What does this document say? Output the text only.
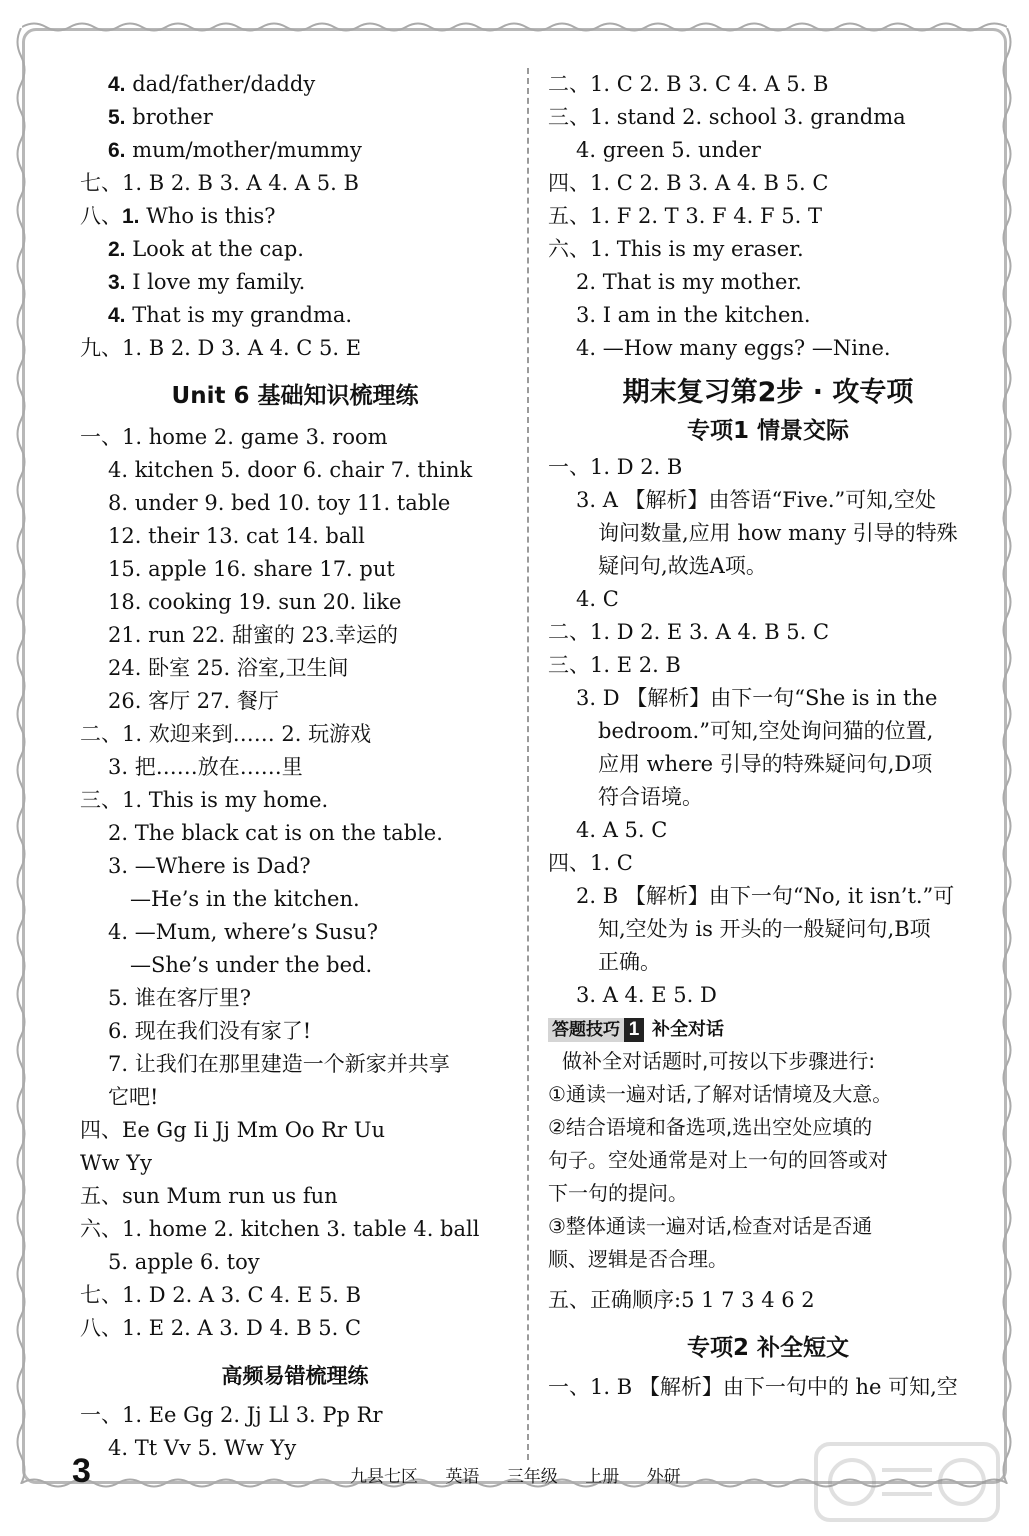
4. dad/father/daddy
5. brother
6. mum/mother/mummy
七、1. B 2. B 3. A 4. A 5. B
八、1. Who is this?
2. Look at the cap.
3. I love my family.
4. That is my grandma.
九、1. B 2. D 3. A 4. C 5. E
Unit 6 基础知识梳理练
一、1. home 2. game 3. room
4. kitchen 5. door 6. chair 7. think
8. under 9. bed 10. toy 11. table
12. their 13. cat 14. ball
15. apple 16. share 17. put
18. cooking 19. sun 20. like
21. run 22. 甜蜜的 23.幸运的
24. 卧室 25. 浴室,卫生间
26. 客厅 27. 餐厅
二、1. 欢迎来到…… 2. 玩游戏
3. 把……放在……里
三、1. This is my home.
2. The black cat is on the table.
3. —Where is Dad?
—He’s in the kitchen.
4. —Mum, where’s Susu?
—She’s under the bed.
5. 谁在客厅里?
6. 现在我们没有家了!
7. 让我们在那里建造一个新家并共享
它吧!
四、Ee Gg Ii Jj Mm Oo Rr Uu
Ww Yy
五、sun Mum run us fun
六、1. home 2. kitchen 3. table 4. ball
5. apple 6. toy
七、1. D 2. A 3. C 4. E 5. B
八、1. E 2. A 3. D 4. B 5. C
高频易错梳理练
一、1. Ee Gg 2. Jj Ll 3. Pp Rr
4. Tt Vv 5. Ww Yy
二、1. C 2. B 3. C 4. A 5. B
三、1. stand 2. school 3. grandma
4. green 5. under
四、1. C 2. B 3. A 4. B 5. C
五、1. F 2. T 3. F 4. F 5. T
六、1. This is my eraser.
2. That is my mother.
3. I am in the kitchen.
4. —How many eggs? —Nine.
期末复习第2步 · 攻专项
专项1 情景交际
一、1. D 2. B
3. A 【解析】由答语“Five.”可知,空处
询问数量,应用 how many 引导的特殊
疑问句,故选A项。
4. C
二、1. D 2. E 3. A 4. B 5. C
三、1. E 2. B
3. D 【解析】由下一句“She is in the
bedroom.”可知,空处询问猫的位置,
应用 where 引导的特殊疑问句,D项
符合语境。
4. A 5. C
四、1. C
2. B 【解析】由下一句“No, it isn’t.”可
知,空处为 is 开头的一般疑问句,B项
正确。
3. A 4. E 5. D
答题技巧 1 补全对话
做补全对话题时,可按以下步骤进行:
①通读一遍对话,了解对话情境及大意。
②结合语境和备选项,选出空处应填的
句子。空处通常是对上一句的回答或对
下一句的提问。
③整体通读一遍对话,检查对话是否通
顺、逻辑是否合理。
五、正确顺序:5 1 7 3 4 6 2
专项2 补全短文
一、1. B 【解析】由下一句中的 he 可知,空
3	九县七区 英语 三年级 上册 外研
